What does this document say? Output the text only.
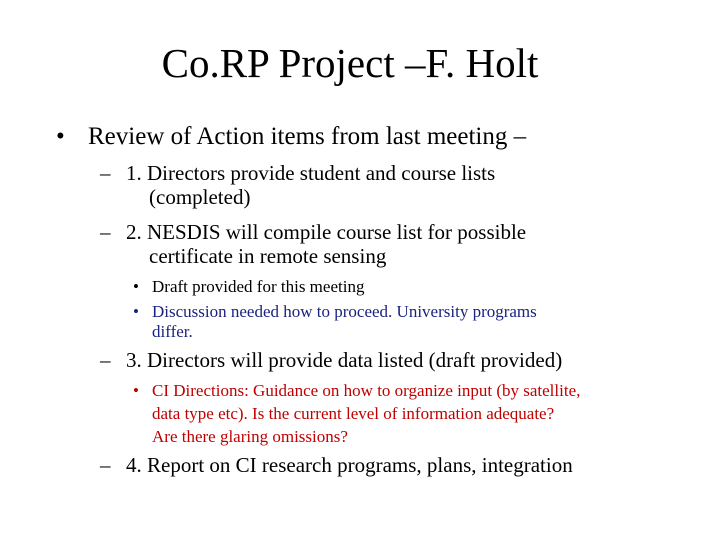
Co.RP Project –F. Holt
• Review of Action items from last meeting –
– 1. Directors provide student and course lists
(completed)
– 2. NESDIS will compile course list for possible
certificate in remote sensing
• Draft provided for this meeting
• Discussion needed how to proceed. University programs
differ.
– 3. Directors will provide data listed (draft provided)
• CI Directions: Guidance on how to organize input (by satellite,
data type etc). Is the current level of information adequate?
Are there glaring omissions?
– 4. Report on CI research programs, plans, integration
